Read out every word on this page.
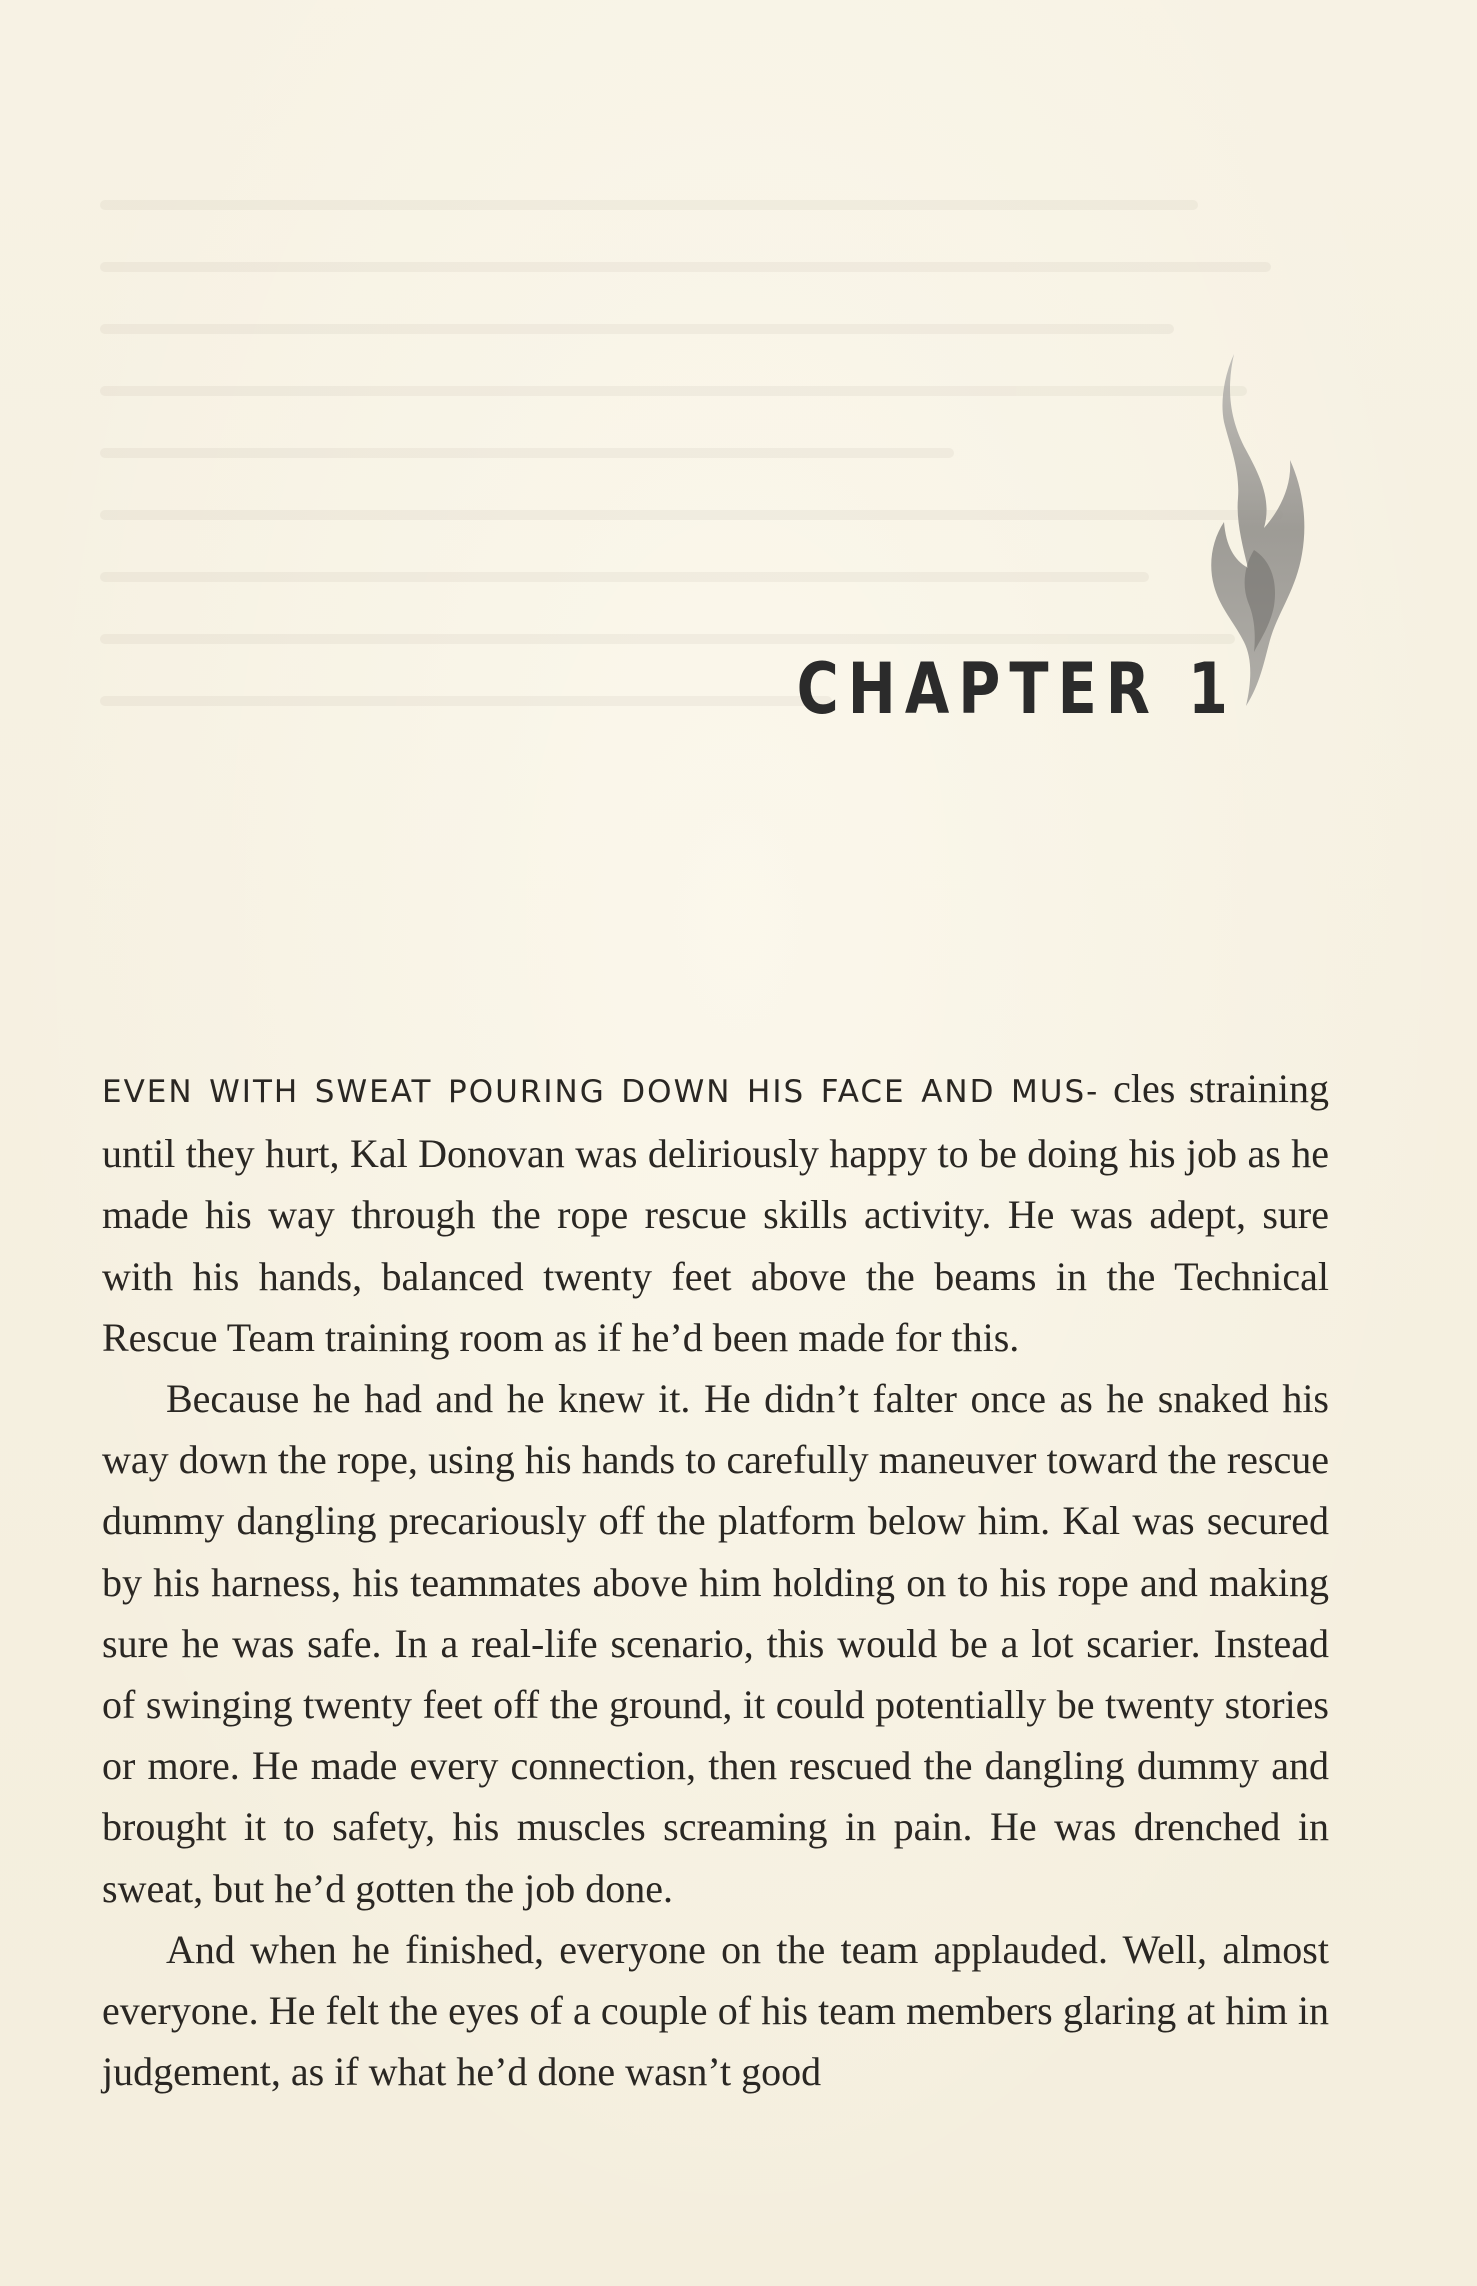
CHAPTER 1

EVEN WITH SWEAT POURING DOWN HIS FACE AND MUS- cles straining until they hurt, Kal Donovan was deliriously happy to be doing his job as he made his way through the rope rescue skills activity. He was adept, sure with his hands, balanced twenty feet above the beams in the Technical Rescue Team training room as if he’d been made for this.

Because he had and he knew it. He didn’t falter once as he snaked his way down the rope, using his hands to carefully maneuver toward the rescue dummy dangling precariously off the platform below him. Kal was secured by his harness, his teammates above him holding on to his rope and making sure he was safe. In a real-life scenario, this would be a lot scarier. Instead of swinging twenty feet off the ground, it could potentially be twenty stories or more. He made every connection, then rescued the dangling dummy and brought it to safety, his muscles screaming in pain. He was drenched in sweat, but he’d gotten the job done.

And when he finished, everyone on the team applauded. Well, almost everyone. He felt the eyes of a couple of his team members glaring at him in judgement, as if what he’d done wasn’t good
